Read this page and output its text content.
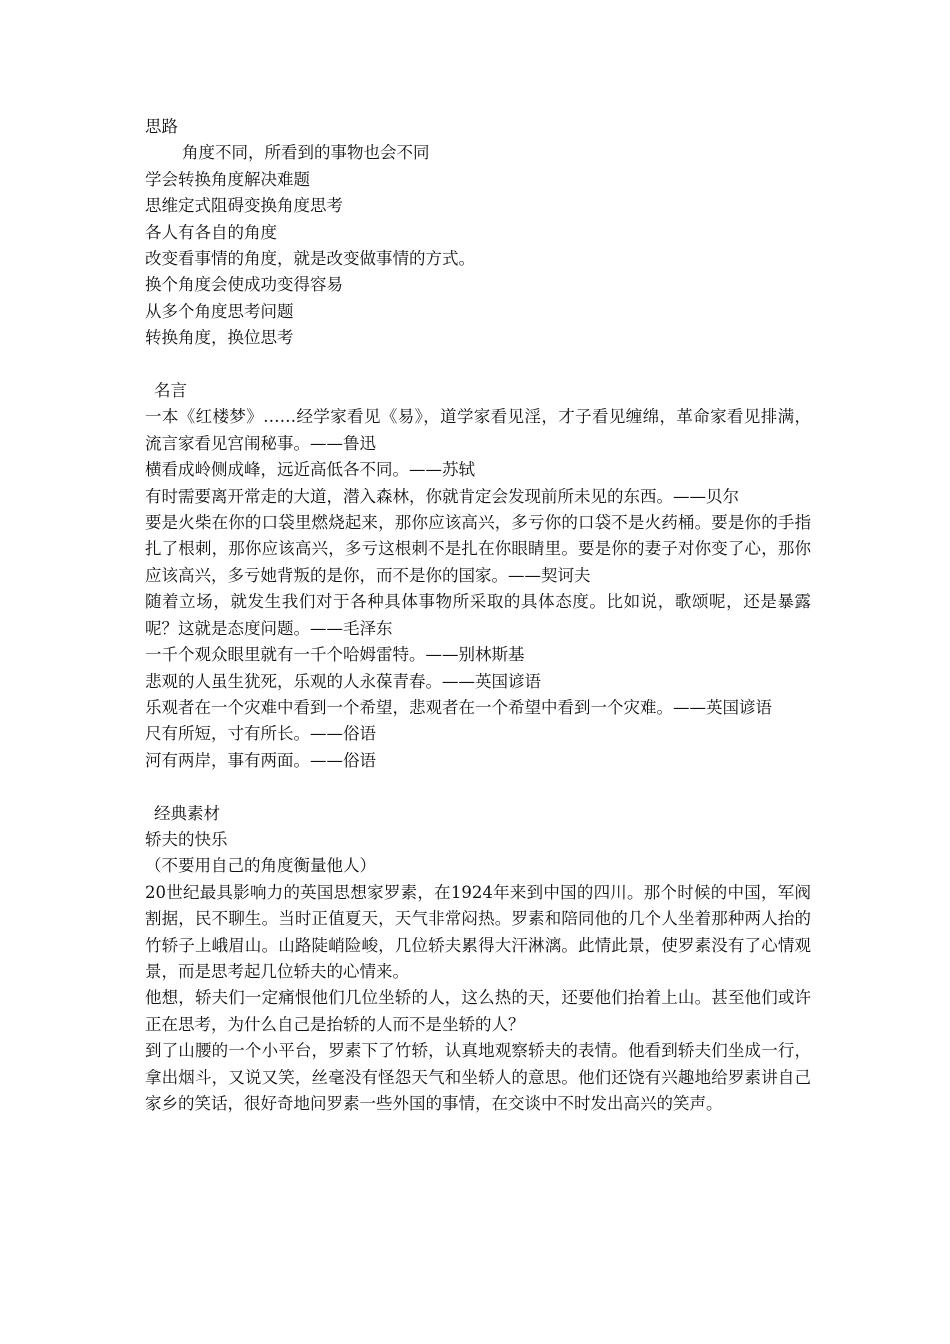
思路
角度不同，所看到的事物也会不同
学会转换角度解决难题
思维定式阻碍变换角度思考
各人有各自的角度
改变看事情的角度，就是改变做事情的方式。
换个角度会使成功变得容易
从多个角度思考问题
转换角度，换位思考
名言
一本《红楼梦》……经学家看见《易》，道学家看见淫，才子看见缠绵，革命家看见排满，流言家看见宫闱秘事。——鲁迅
横看成岭侧成峰，远近高低各不同。——苏轼
有时需要离开常走的大道，潜入森林，你就肯定会发现前所未见的东西。——贝尔
要是火柴在你的口袋里燃烧起来，那你应该高兴，多亏你的口袋不是火药桶。要是你的手指扎了根刺，那你应该高兴，多亏这根刺不是扎在你眼睛里。要是你的妻子对你变了心，那你应该高兴，多亏她背叛的是你，而不是你的国家。——契诃夫
随着立场，就发生我们对于各种具体事物所采取的具体态度。比如说，歌颂呢，还是暴露呢？这就是态度问题。——毛泽东
一千个观众眼里就有一千个哈姆雷特。——别林斯基
悲观的人虽生犹死，乐观的人永葆青春。——英国谚语
乐观者在一个灾难中看到一个希望，悲观者在一个希望中看到一个灾难。——英国谚语
尺有所短，寸有所长。——俗语
河有两岸，事有两面。——俗语
经典素材
轿夫的快乐
（不要用自己的角度衡量他人）
20世纪最具影响力的英国思想家罗素，在1924年来到中国的四川。那个时候的中国，军阀割据，民不聊生。当时正值夏天，天气非常闷热。罗素和陪同他的几个人坐着那种两人抬的竹轿子上峨眉山。山路陡峭险峻，几位轿夫累得大汗淋漓。此情此景，使罗素没有了心情观景，而是思考起几位轿夫的心情来。
他想，轿夫们一定痛恨他们几位坐轿的人，这么热的天，还要他们抬着上山。甚至他们或许正在思考，为什么自己是抬轿的人而不是坐轿的人？
到了山腰的一个小平台，罗素下了竹轿，认真地观察轿夫的表情。他看到轿夫们坐成一行，拿出烟斗，又说又笑，丝毫没有怪怨天气和坐轿人的意思。他们还饶有兴趣地给罗素讲自己家乡的笑话，很好奇地问罗素一些外国的事情，在交谈中不时发出高兴的笑声。
